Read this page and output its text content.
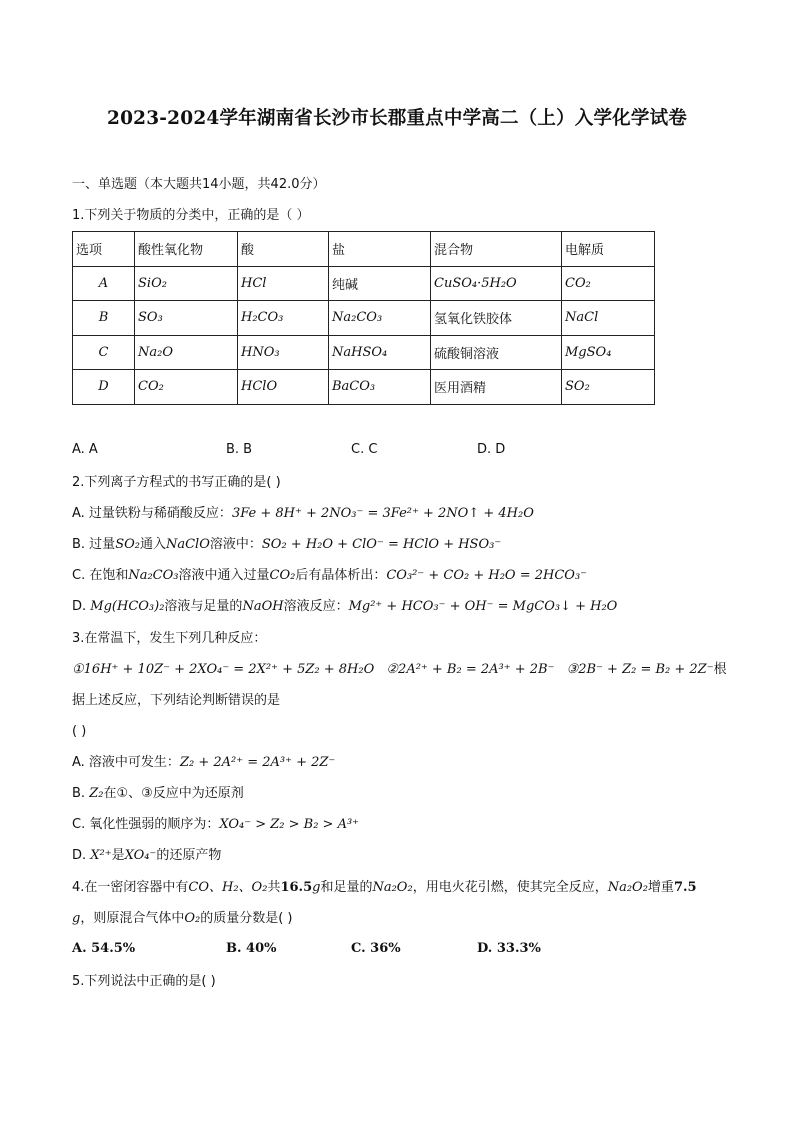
2023-2024学年湖南省长沙市长郡重点中学高二（上）入学化学试卷
一、单选题（本大题共14小题，共42.0分）
1.下列关于物质的分类中，正确的是（ ）
选项	酸性氧化物	酸	盐	混合物	电解质
A	SiO₂	HCl	纯碱	CuSO₄·5H₂O	CO₂
B	SO₃	H₂CO₃	Na₂CO₃	氢氧化铁胶体	NaCl
C	Na₂O	HNO₃	NaHSO₄	硫酸铜溶液	MgSO₄
D	CO₂	HClO	BaCO₃	医用酒精	SO₂
A. A	B. B	C. C	D. D
2.下列离子方程式的书写正确的是( )
A. 过量铁粉与稀硝酸反应：3Fe + 8H⁺ + 2NO₃⁻ = 3Fe²⁺ + 2NO↑ + 4H₂O
B. 过量SO₂通入NaClO溶液中：SO₂ + H₂O + ClO⁻ = HClO + HSO₃⁻
C. 在饱和Na₂CO₃溶液中通入过量CO₂后有晶体析出：CO₃²⁻ + CO₂ + H₂O = 2HCO₃⁻
D. Mg(HCO₃)₂溶液与足量的NaOH溶液反应：Mg²⁺ + HCO₃⁻ + OH⁻ = MgCO₃↓ + H₂O
3.在常温下，发生下列几种反应：
①16H⁺ + 10Z⁻ + 2XO₄⁻ = 2X²⁺ + 5Z₂ + 8H₂O ②2A²⁺ + B₂ = 2A³⁺ + 2B⁻ ③2B⁻ + Z₂ = B₂ + 2Z⁻根
据上述反应，下列结论判断错误的是
( )
A. 溶液中可发生：Z₂ + 2A²⁺ = 2A³⁺ + 2Z⁻
B. Z₂在①、③反应中为还原剂
C. 氧化性强弱的顺序为：XO₄⁻ > Z₂ > B₂ > A³⁺
D. X²⁺是XO₄⁻的还原产物
4.在一密闭容器中有CO、H₂、O₂共16.5g和足量的Na₂O₂，用电火花引燃，使其完全反应，Na₂O₂增重7.5
g，则原混合气体中O₂的质量分数是( )
A. 54.5%	B. 40%	C. 36%	D. 33.3%
5.下列说法中正确的是( )
